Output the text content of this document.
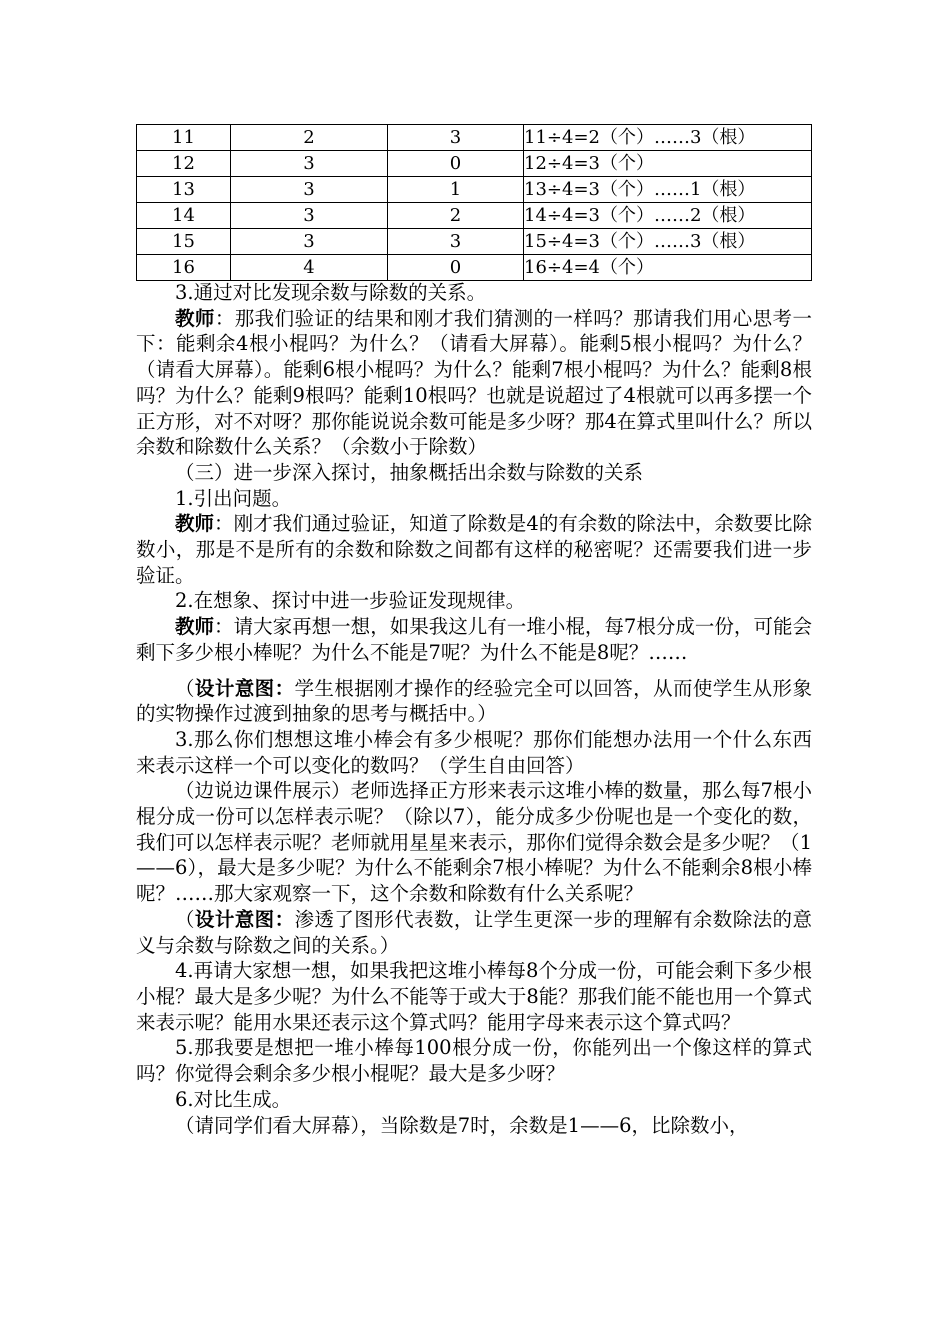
11	2	3	11÷4=2（个）……3（根）
12	3	0	12÷4=3（个）
13	3	1	13÷4=3（个）……1（根）
14	3	2	14÷4=3（个）……2（根）
15	3	3	15÷4=3（个）……3（根）
16	4	0	16÷4=4（个）

3.通过对比发现余数与除数的关系。

教师：那我们验证的结果和刚才我们猜测的一样吗？那请我们用心思考一下：能剩余4根小棍吗？为什么？（请看大屏幕）。能剩5根小棍吗？为什么？（请看大屏幕）。能剩6根小棍吗？为什么？能剩7根小棍吗？为什么？能剩8根吗？为什么？能剩9根吗？能剩10根吗？也就是说超过了4根就可以再多摆一个正方形，对不对呀？那你能说说余数可能是多少呀？那4在算式里叫什么？所以余数和除数什么关系？（余数小于除数）

（三）进一步深入探讨，抽象概括出余数与除数的关系

1.引出问题。

教师：刚才我们通过验证，知道了除数是4的有余数的除法中，余数要比除数小，那是不是所有的余数和除数之间都有这样的秘密呢？还需要我们进一步验证。

2.在想象、探讨中进一步验证发现规律。

教师：请大家再想一想，如果我这儿有一堆小棍，每7根分成一份，可能会剩下多少根小棒呢？为什么不能是7呢？为什么不能是8呢？……

（设计意图：学生根据刚才操作的经验完全可以回答，从而使学生从形象的实物操作过渡到抽象的思考与概括中。）

3.那么你们想想这堆小棒会有多少根呢？那你们能想办法用一个什么东西来表示这样一个可以变化的数吗？（学生自由回答）

（边说边课件展示）老师选择正方形来表示这堆小棒的数量，那么每7根小棍分成一份可以怎样表示呢？（除以7），能分成多少份呢也是一个变化的数，我们可以怎样表示呢？老师就用星星来表示，那你们觉得余数会是多少呢？（1——6），最大是多少呢？为什么不能剩余7根小棒呢？为什么不能剩余8根小棒呢？……那大家观察一下，这个余数和除数有什么关系呢？

（设计意图：渗透了图形代表数，让学生更深一步的理解有余数除法的意义与余数与除数之间的关系。）

4.再请大家想一想，如果我把这堆小棒每8个分成一份，可能会剩下多少根小棍？最大是多少呢？为什么不能等于或大于8能？那我们能不能也用一个算式来表示呢？能用水果还表示这个算式吗？能用字母来表示这个算式吗？

5.那我要是想把一堆小棒每100根分成一份，你能列出一个像这样的算式吗？你觉得会剩余多少根小棍呢？最大是多少呀？

6.对比生成。

（请同学们看大屏幕），当除数是7时，余数是1——6，比除数小，
